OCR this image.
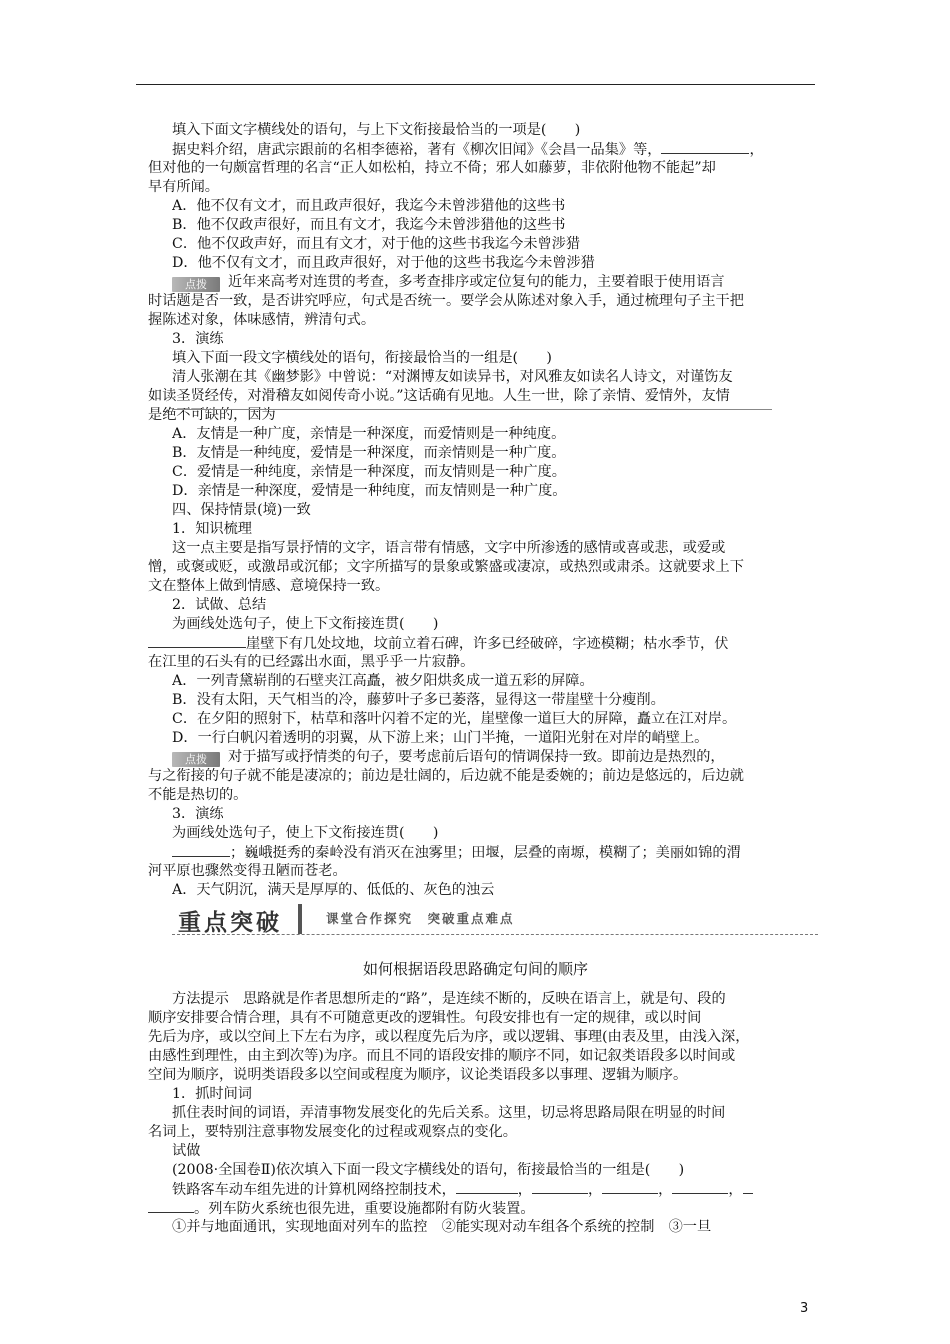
填入下面文字横线处的语句，与上下文衔接最恰当的一项是(　　)
据史料介绍，唐武宗跟前的名相李德裕，著有《柳次旧闻》《会昌一品集》等，	，
但对他的一句颇富哲理的名言“正人如松柏，持立不倚；邪人如藤萝，非依附他物不能起”却
早有所闻。
A．他不仅有文才，而且政声很好，我迄今未曾涉猎他的这些书
B．他不仅政声很好，而且有文才，我迄今未曾涉猎他的这些书
C．他不仅政声好，而且有文才，对于他的这些书我迄今未曾涉猎
D．他不仅有文才，而且政声很好，对于他的这些书我迄今未曾涉猎
点拨 近年来高考对连贯的考查，多考查排序或定位复句的能力，主要着眼于使用语言
时话题是否一致，是否讲究呼应，句式是否统一。要学会从陈述对象入手，通过梳理句子主干把
握陈述对象，体味感情，辨清句式。
3．演练
填入下面一段文字横线处的语句，衔接最恰当的一组是(　　)
清人张潮在其《幽梦影》中曾说：“对渊博友如读异书，对风雅友如读名人诗文，对谨饬友
如读圣贤经传，对滑稽友如阅传奇小说。”这话确有见地。人生一世，除了亲情、爱情外，友情
是绝不可缺的，因为
A．友情是一种广度，亲情是一种深度，而爱情则是一种纯度。
B．友情是一种纯度，爱情是一种深度，而亲情则是一种广度。
C．爱情是一种纯度，亲情是一种深度，而友情则是一种广度。
D．亲情是一种深度，爱情是一种纯度，而友情则是一种广度。
四、保持情景(境)一致
1．知识梳理
这一点主要是指写景抒情的文字，语言带有情感，文字中所渗透的感情或喜或悲，或爱或
憎，或褒或贬，或激昂或沉郁；文字所描写的景象或繁盛或凄凉，或热烈或肃杀。这就要求上下
文在整体上做到情感、意境保持一致。
2．试做、总结
为画线处选句子，使上下文衔接连贯(　　)
崖壁下有几处坟地，坟前立着石碑，许多已经破碎，字迹模糊；枯水季节，伏
在江里的石头有的已经露出水面，黑乎乎一片寂静。
A．一列青黛崭削的石壁夹江高矗，被夕阳烘炙成一道五彩的屏障。
B．没有太阳，天气相当的冷，藤萝叶子多已萎落，显得这一带崖壁十分瘦削。
C．在夕阳的照射下，枯草和落叶闪着不定的光，崖壁像一道巨大的屏障，矗立在江对岸。
D．一行白帆闪着透明的羽翼，从下游上来；山门半掩，一道阳光射在对岸的峭壁上。
点拨 对于描写或抒情类的句子，要考虑前后语句的情调保持一致。即前边是热烈的，
与之衔接的句子就不能是凄凉的；前边是壮阔的，后边就不能是委婉的；前边是悠远的，后边就
不能是热切的。
3．演练
为画线处选句子，使上下文衔接连贯(　　)
；巍峨挺秀的秦岭没有消灭在浊雾里；田堰，层叠的南塬，模糊了；美丽如锦的渭
河平原也骤然变得丑陋而苍老。
A．天气阴沉，满天是厚厚的、低低的、灰色的浊云
重点突破	课堂合作探究　突破重点难点
如何根据语段思路确定句间的顺序
方法提示　思路就是作者思想所走的“路”，是连续不断的，反映在语言上，就是句、段的
顺序安排要合情合理，具有不可随意更改的逻辑性。句段安排也有一定的规律，或以时间
先后为序，或以空间上下左右为序，或以程度先后为序，或以逻辑、事理(由表及里，由浅入深，
由感性到理性，由主到次等)为序。而且不同的语段安排的顺序不同，如记叙类语段多以时间或
空间为顺序，说明类语段多以空间或程度为顺序，议论类语段多以事理、逻辑为顺序。
1．抓时间词
抓住表时间的词语，弄清事物发展变化的先后关系。这里，切忌将思路局限在明显的时间
名词上，要特别注意事物发展变化的过程或观察点的变化。
试做
(2008·全国卷Ⅱ)依次填入下面一段文字横线处的语句，衔接最恰当的一组是(　　)
铁路客车动车组先进的计算机网络控制技术，	，	，	，	，
。列车防火系统也很先进，重要设施都附有防火装置。
①并与地面通讯，实现地面对列车的监控　②能实现对动车组各个系统的控制　③一旦
3
